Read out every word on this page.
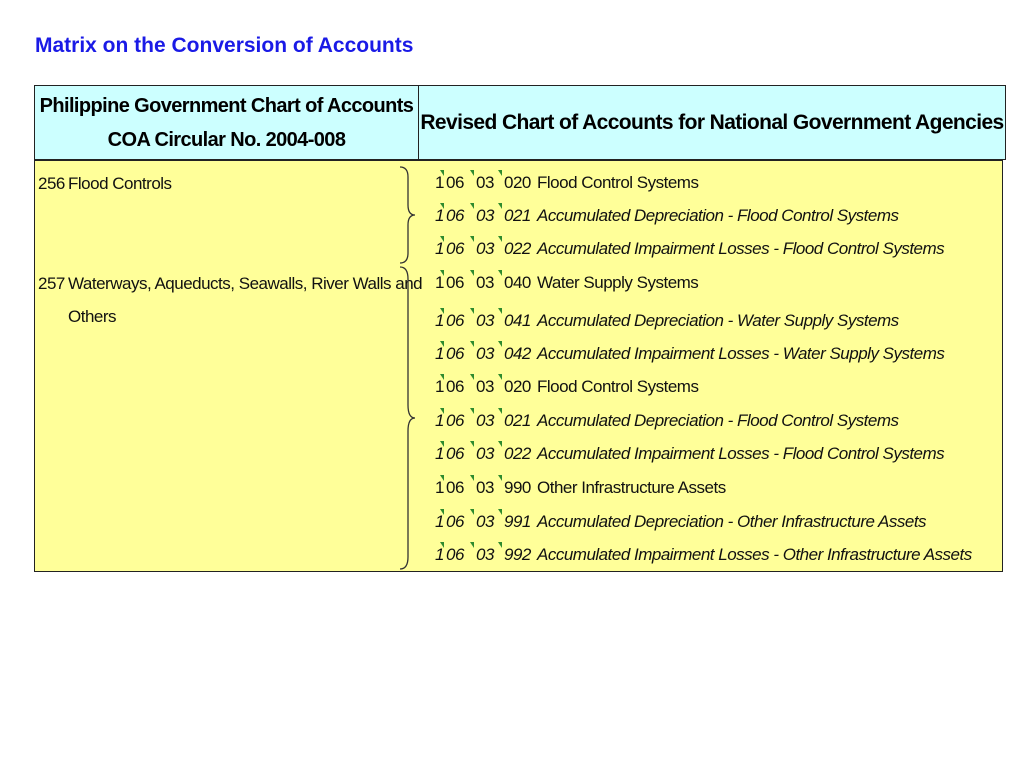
Matrix on the Conversion of Accounts
Philippine Government Chart of Accounts
COA Circular No. 2004-008
Revised Chart of Accounts for National Government Agencies
256 Flood Controls
257 Waterways, Aqueducts, Seawalls, River Walls and
Others
1 06 03 020 Flood Control Systems
1 06 03 021 Accumulated Depreciation - Flood Control Systems
1 06 03 022 Accumulated Impairment Losses - Flood Control Systems
1 06 03 040 Water Supply Systems
1 06 03 041 Accumulated Depreciation - Water Supply Systems
1 06 03 042 Accumulated Impairment Losses - Water Supply Systems
1 06 03 020 Flood Control Systems
1 06 03 021 Accumulated Depreciation - Flood Control Systems
1 06 03 022 Accumulated Impairment Losses - Flood Control Systems
1 06 03 990 Other Infrastructure Assets
1 06 03 991 Accumulated Depreciation - Other Infrastructure Assets
1 06 03 992 Accumulated Impairment Losses - Other Infrastructure Assets
